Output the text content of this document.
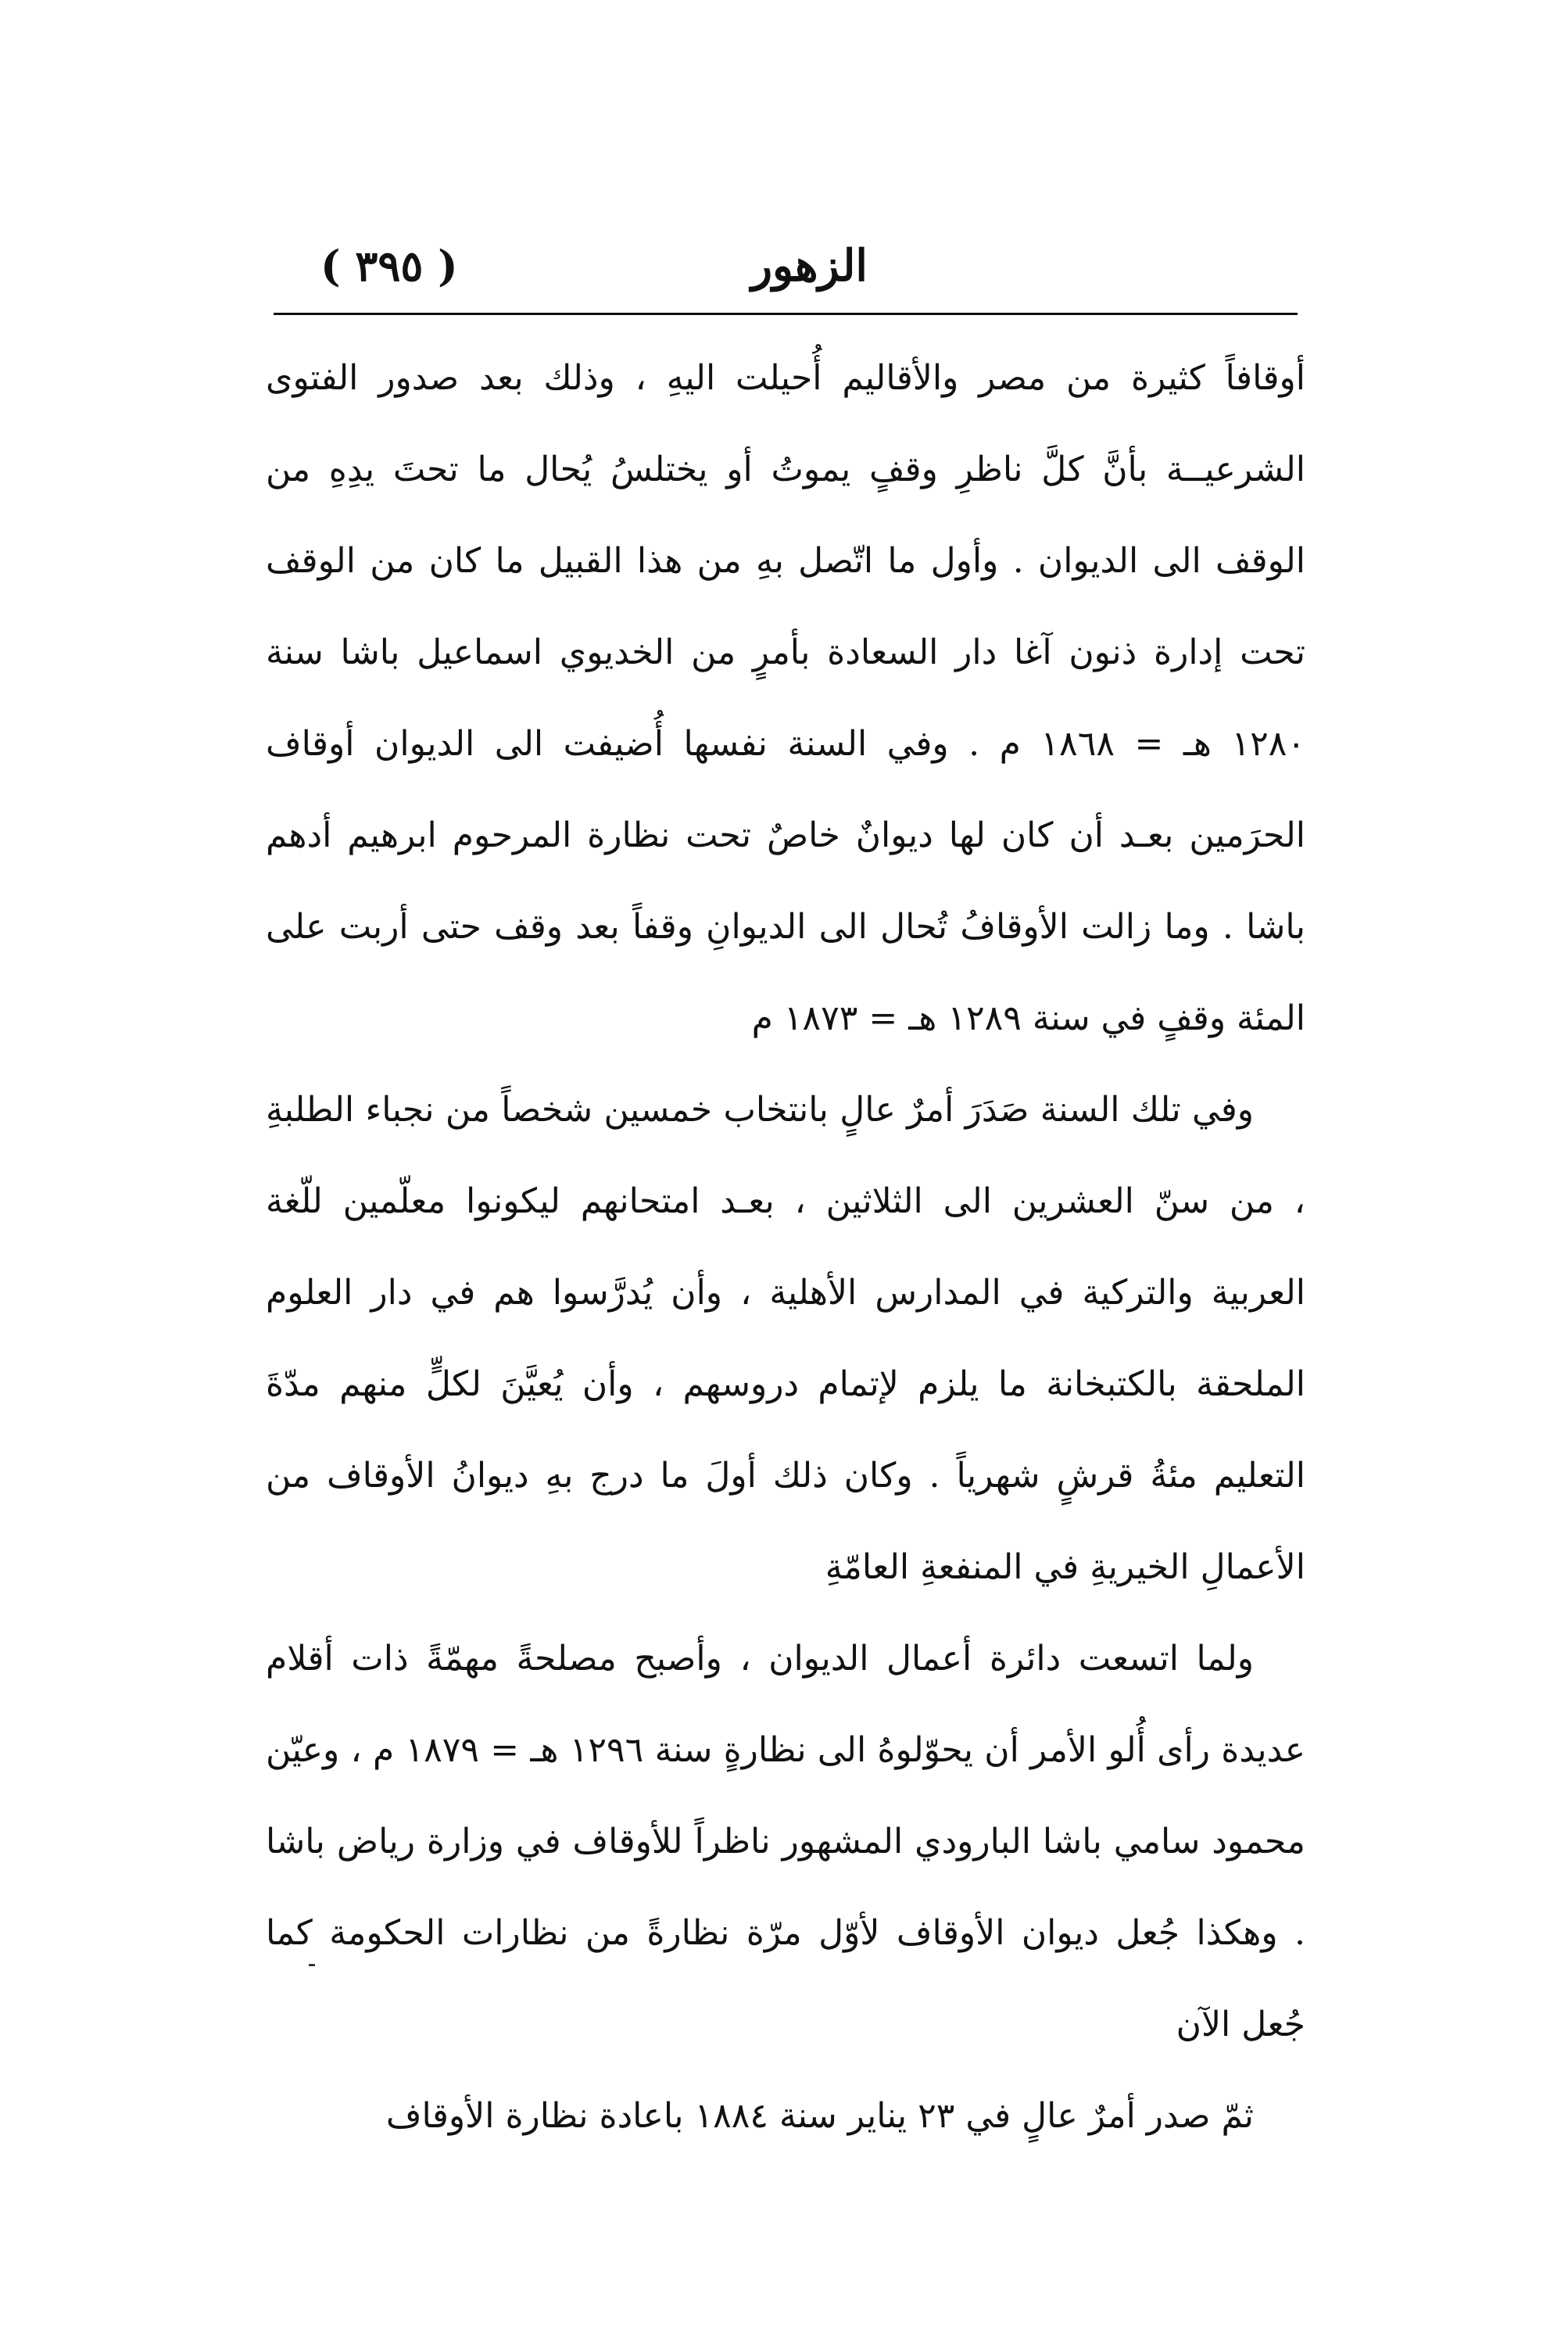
الزهور
( ٣٩٥ )

أوقافاً كثيرة من مصر والأقاليم أُحيلت اليهِ ، وذلك بعد صدور الفتوى الشرعيــة بأنَّ كلَّ ناظرِ وقفٍ يموتُ أو يختلسُ يُحال ما تحتَ يدِهِ من الوقف الى الديوان . وأول ما اتّصل بهِ من هذا القبيل ما كان من الوقف تحت إدارة ذنون آغا دار السعادة بأمرٍ من الخديوي اسماعيل باشا سنة ١٢٨٠ هـ = ١٨٦٨ م . وفي السنة نفسها أُضيفت الى الديوان أوقاف الحرَمين بعـد أن كان لها ديوانٌ خاصٌ تحت نظارة المرحوم ابرهيم أدهم باشا . وما زالت الأوقافُ تُحال الى الديوانِ وقفاً بعد وقف حتى أربت على المئة وقفٍ في سنة ١٢٨٩ هـ = ١٨٧٣ م

وفي تلك السنة صَدَرَ أمرٌ عالٍ بانتخاب خمسين شخصاً من نجباء الطلبةِ ، من سنّ العشرين الى الثلاثين ، بعـد امتحانهم ليكونوا معلّمين للّغة العربية والتركية في المدارس الأهلية ، وأن يُدرَّسوا هم في دار العلوم الملحقة بالكتبخانة ما يلزم لإتمام دروسهم ، وأن يُعيَّنَ لكلٍّ منهم مدّةَ التعليم مئةُ قرشٍ شهرياً . وكان ذلك أولَ ما درج بهِ ديوانُ الأوقاف من الأعمالِ الخيريةِ في المنفعةِ العامّةِ

ولما اتسعت دائرة أعمال الديوان ، وأصبح مصلحةً مهمّةً ذات أقلام عديدة رأى أُلو الأمر أن يحوّلوهُ الى نظارةٍ سنة ١٢٩٦ هـ = ١٨٧٩ م ، وعيّن محمود سامي باشا البارودي المشهور ناظراً للأوقاف في وزارة رياض باشا . وهكذا جُعل ديوان الأوقاف لأوّل مرّة نظارةً من نظارات الحكومة كما جُعل الآن

ثمّ صدر أمرٌ عالٍ في ٢٣ يناير سنة ١٨٨٤ باعادة نظارة الأوقاف
